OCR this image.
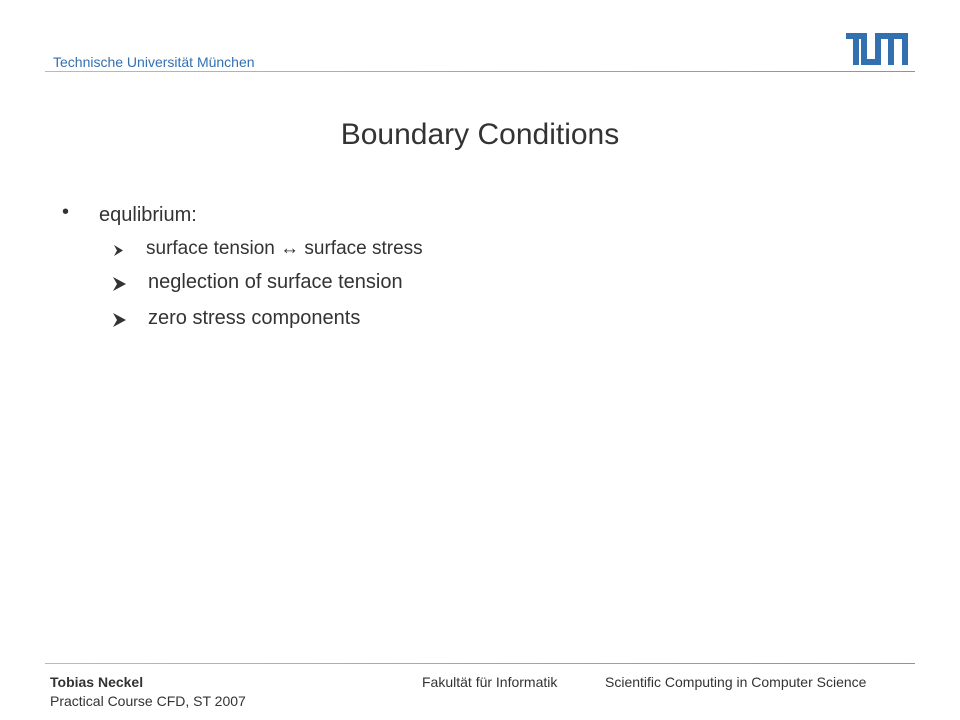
Technische Universität München
Boundary Conditions
• equlibrium:
surface tension ↔ surface stress
neglection of surface tension
zero stress components
Tobias Neckel
Practical Course CFD, ST 2007
Fakultät für Informatik	Scientific Computing in Computer Science
